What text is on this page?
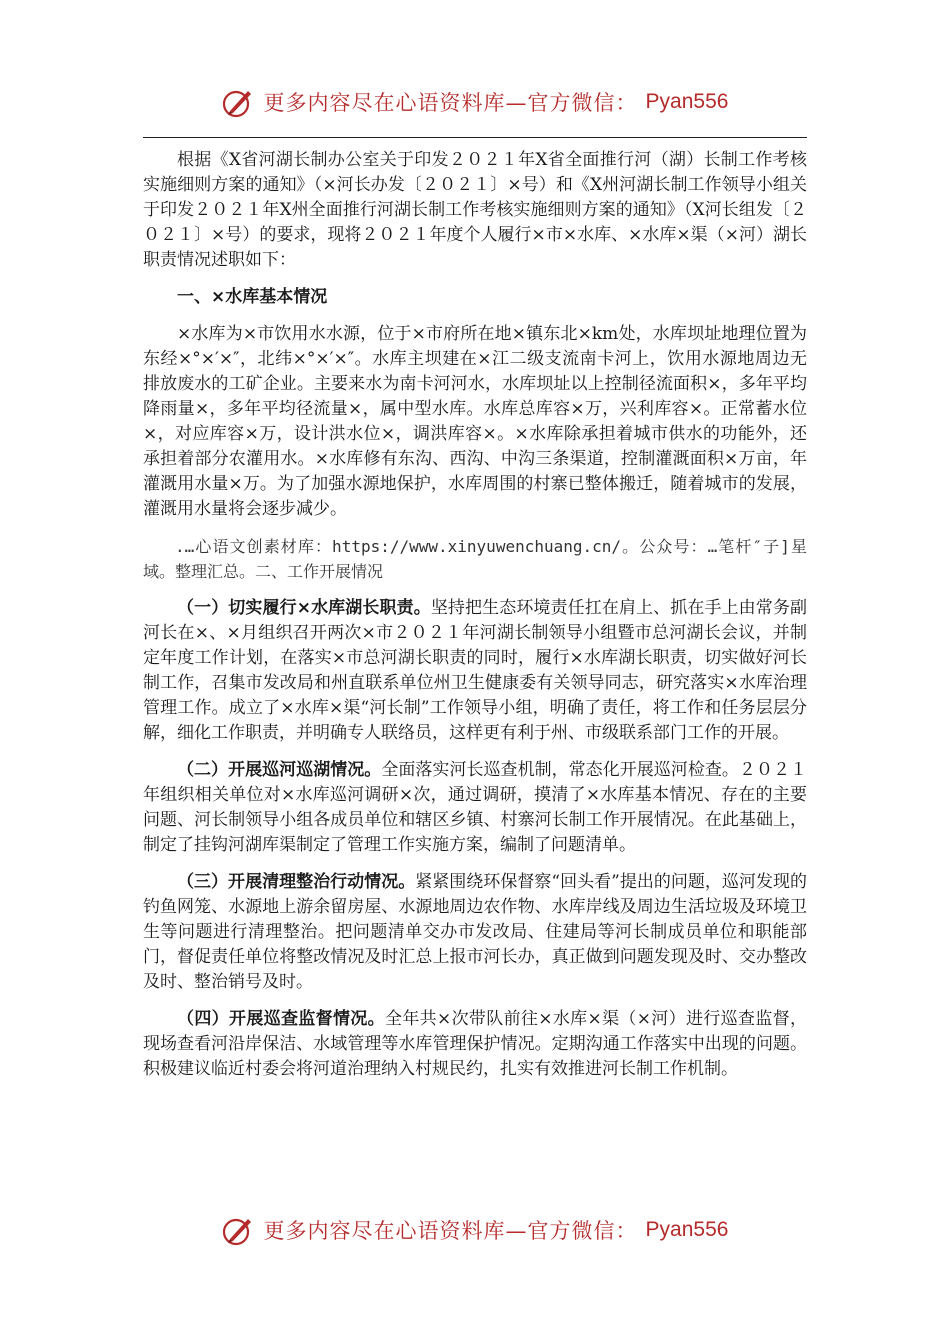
更多内容尽在心语资料库—官方微信： Pyan556

根据《X省河湖长制办公室关于印发２０２１年X省全面推行河（湖）长制工作考核实施细则方案的通知》（×河长办发〔２０２１〕×号）和《X州河湖长制工作领导小组关于印发２０２１年X州全面推行河湖长制工作考核实施细则方案的通知》（X河长组发〔２０２１〕×号）的要求，现将２０２１年度个人履行×市×水库、×水库×渠（×河）湖长职责情况述职如下：

一、×水库基本情况

×水库为×市饮用水水源，位于×市府所在地×镇东北×km处，水库坝址地理位置为东经×°×′×″，北纬×°×′×″。水库主坝建在×江二级支流南卡河上，饮用水源地周边无排放废水的工矿企业。主要来水为南卡河河水，水库坝址以上控制径流面积×，多年平均降雨量×，多年平均径流量×，属中型水库。水库总库容×万，兴利库容×。正常蓄水位×，对应库容×万，设计洪水位×，调洪库容×。×水库除承担着城市供水的功能外，还承担着部分农灌用水。×水库修有东沟、西沟、中沟三条渠道，控制灌溉面积×万亩，年灌溉用水量×万。为了加强水源地保护，水库周围的村寨已整体搬迁，随着城市的发展，灌溉用水量将会逐步减少。

.…心语文创素材库：https://www.xinyuwenchuang.cn/。公众号：…笔杆″子]星域。整理汇总。二、工作开展情况

（一）切实履行×水库湖长职责。坚持把生态环境责任扛在肩上、抓在手上由常务副河长在×、×月组织召开两次×市２０２１年河湖长制领导小组暨市总河湖长会议，并制定年度工作计划，在落实×市总河湖长职责的同时，履行×水库湖长职责，切实做好河长制工作，召集市发改局和州直联系单位州卫生健康委有关领导同志，研究落实×水库治理管理工作。成立了×水库×渠“河长制”工作领导小组，明确了责任，将工作和任务层层分解，细化工作职责，并明确专人联络员，这样更有利于州、市级联系部门工作的开展。

（二）开展巡河巡湖情况。全面落实河长巡查机制，常态化开展巡河检查。２０２１年组织相关单位对×水库巡河调研×次，通过调研，摸清了×水库基本情况、存在的主要问题、河长制领导小组各成员单位和辖区乡镇、村寨河长制工作开展情况。在此基础上，制定了挂钩河湖库渠制定了管理工作实施方案，编制了问题清单。

（三）开展清理整治行动情况。紧紧围绕环保督察“回头看”提出的问题，巡河发现的钓鱼网笼、水源地上游余留房屋、水源地周边农作物、水库岸线及周边生活垃圾及环境卫生等问题进行清理整治。把问题清单交办市发改局、住建局等河长制成员单位和职能部门，督促责任单位将整改情况及时汇总上报市河长办，真正做到问题发现及时、交办整改及时、整治销号及时。

（四）开展巡查监督情况。全年共×次带队前往×水库×渠（×河）进行巡查监督，现场查看河沿岸保洁、水域管理等水库管理保护情况。定期沟通工作落实中出现的问题。积极建议临近村委会将河道治理纳入村规民约，扎实有效推进河长制工作机制。

更多内容尽在心语资料库—官方微信： Pyan556
